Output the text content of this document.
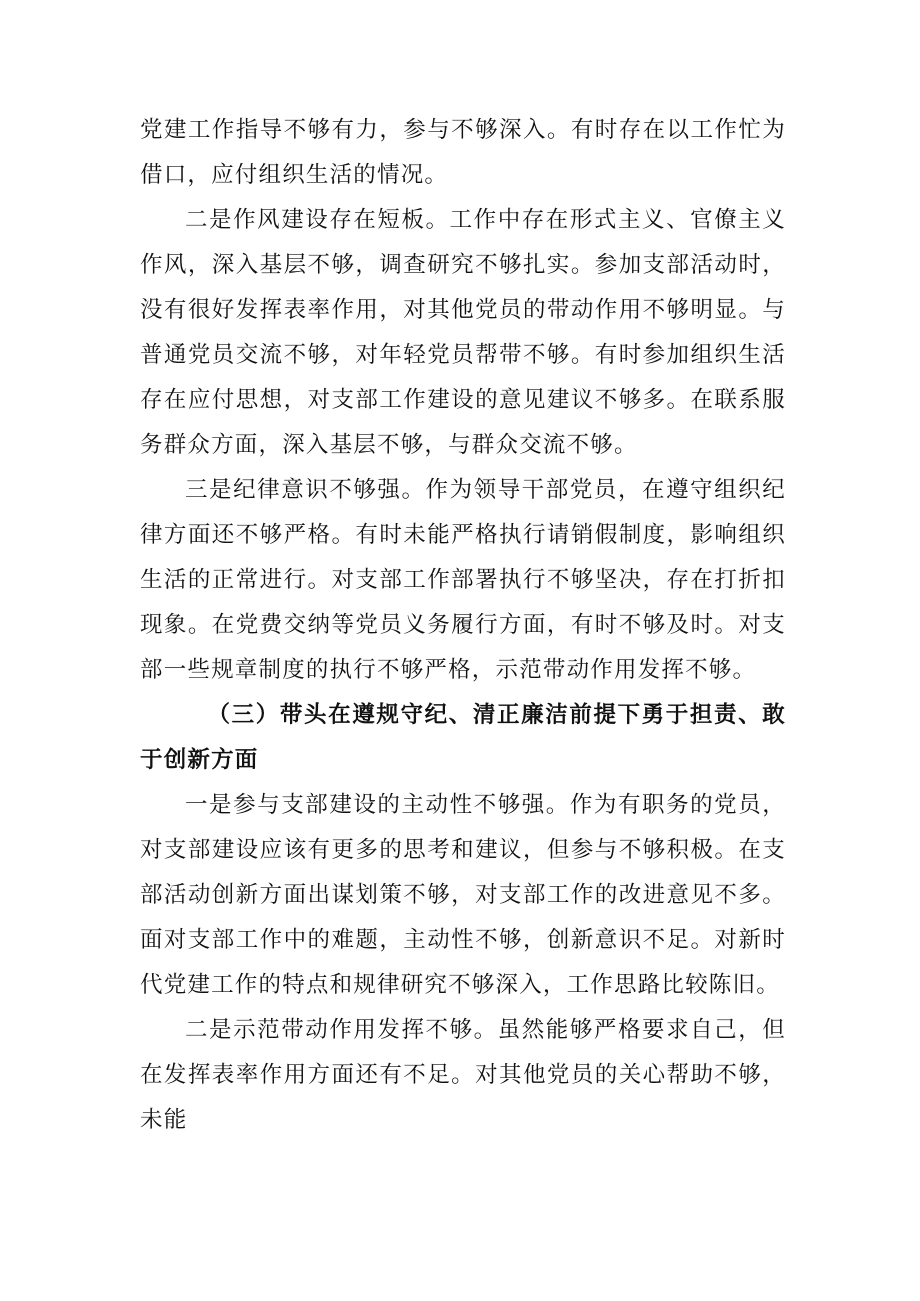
党建工作指导不够有力，参与不够深入。有时存在以工作忙为借口，应付组织生活的情况。

二是作风建设存在短板。工作中存在形式主义、官僚主义作风，深入基层不够，调查研究不够扎实。参加支部活动时，没有很好发挥表率作用，对其他党员的带动作用不够明显。与普通党员交流不够，对年轻党员帮带不够。有时参加组织生活存在应付思想，对支部工作建设的意见建议不够多。在联系服务群众方面，深入基层不够，与群众交流不够。

三是纪律意识不够强。作为领导干部党员，在遵守组织纪律方面还不够严格。有时未能严格执行请销假制度，影响组织生活的正常进行。对支部工作部署执行不够坚决，存在打折扣现象。在党费交纳等党员义务履行方面，有时不够及时。对支部一些规章制度的执行不够严格，示范带动作用发挥不够。

（三）带头在遵规守纪、清正廉洁前提下勇于担责、敢于创新方面

一是参与支部建设的主动性不够强。作为有职务的党员，对支部建设应该有更多的思考和建议，但参与不够积极。在支部活动创新方面出谋划策不够，对支部工作的改进意见不多。面对支部工作中的难题，主动性不够，创新意识不足。对新时代党建工作的特点和规律研究不够深入，工作思路比较陈旧。

二是示范带动作用发挥不够。虽然能够严格要求自己，但在发挥表率作用方面还有不足。对其他党员的关心帮助不够，未能
